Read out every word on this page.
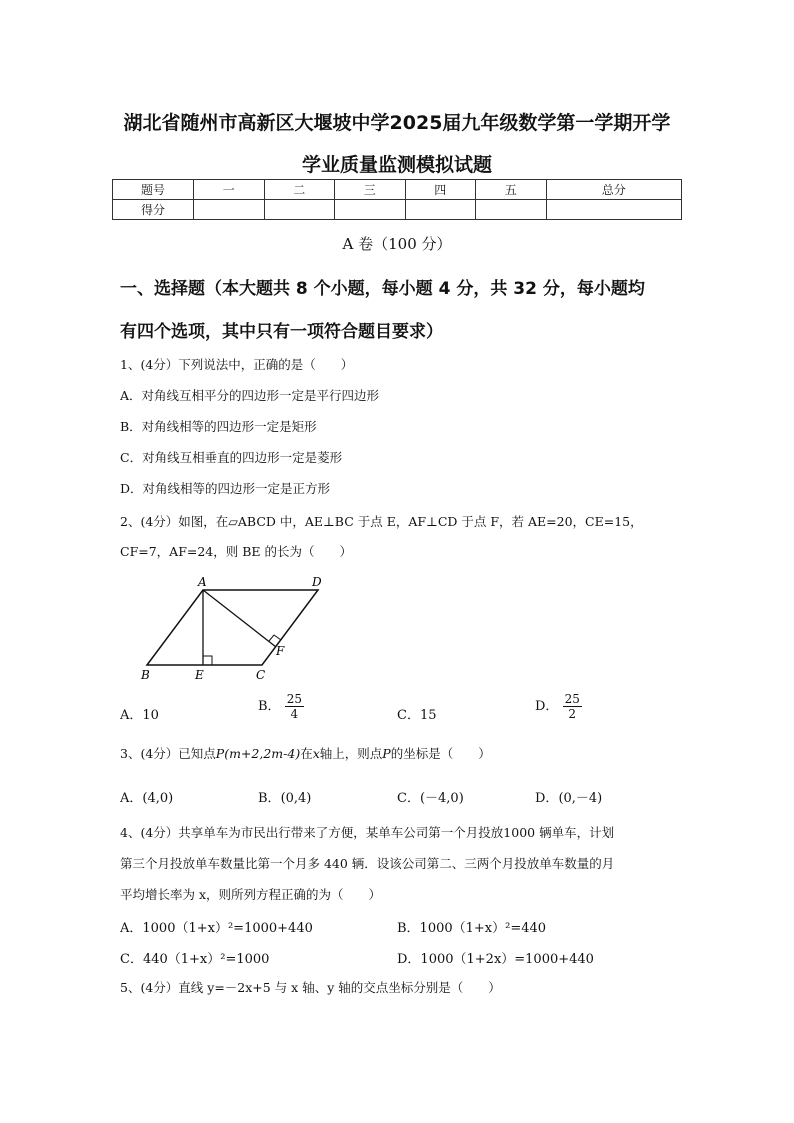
湖北省随州市高新区大堰坡中学2025届九年级数学第一学期开学
学业质量监测模拟试题
题号	一	二	三	四	五	总分
得分						
A 卷（100 分）
一、选择题（本大题共 8 个小题，每小题 4 分，共 32 分，每小题均
有四个选项，其中只有一项符合题目要求）
1、(4分）下列说法中，正确的是（　　）
A．对角线互相平分的四边形一定是平行四边形
B．对角线相等的四边形一定是矩形
C．对角线互相垂直的四边形一定是菱形
D．对角线相等的四边形一定是正方形
2、(4分）如图，在▱ABCD 中，AE⊥BC 于点 E，AF⊥CD 于点 F，若 AE=20，CE=15，
CF=7，AF=24，则 BE 的长为（　　）
A	D
B	E	C
F
A．10
B． $\frac{25}{4}$	C．15
D． $\frac{25}{2}$
3、(4分）已知点P(m+2,2m-4)在x轴上，则点P的坐标是（　　）
A．(4,0)	B．(0,4)	C．(－4,0)	D．(0,－4)
4、(4分）共享单车为市民出行带来了方便，某单车公司第一个月投放1000 辆单车，计划
第三个月投放单车数量比第一个月多 440 辆．设该公司第二、三两个月投放单车数量的月
平均增长率为 x，则所列方程正确的为（　　）
A．1000（1+x）²=1000+440	B．1000（1+x）²=440
C．440（1+x）²=1000	D．1000（1+2x）=1000+440
5、(4分）直线 y=－2x+5 与 x 轴、y 轴的交点坐标分别是（　　）
